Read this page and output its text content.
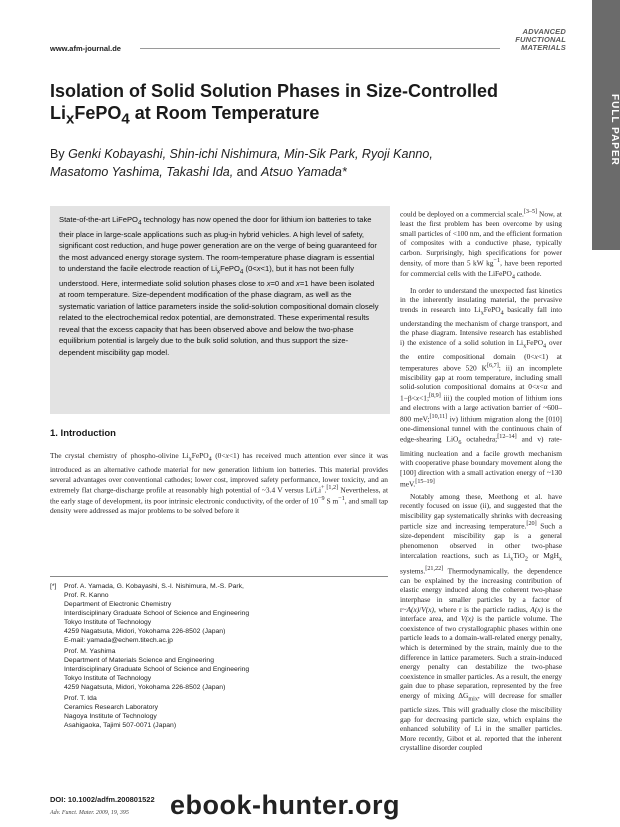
www.afm-journal.de
ADVANCED FUNCTIONAL MATERIALS
FULL PAPER
Isolation of Solid Solution Phases in Size-Controlled
$Li_xFePO_4$ at Room Temperature
By Genki Kobayashi, Shin-ichi Nishimura, Min-Sik Park, Ryoji Kanno,
Masatomo Yashima, Takashi Ida, and Atsuo Yamada*
State-of-the-art LiFePO$_4$ technology has now opened the door for lithium ion batteries to take their place in large-scale applications such as plug-in hybrid vehicles. A high level of safety, significant cost reduction, and huge power generation are on the verge of being guaranteed for the most advanced energy storage system. The room-temperature phase diagram is essential to understand the facile electrode reaction of $Li_xFePO_4$ (0<x<1), but it has not been fully understood. Here, intermediate solid solution phases close to x=0 and x=1 have been isolated at room temperature. Size-dependent modification of the phase diagram, as well as the systematic variation of lattice parameters inside the solid-solution compositional domain closely related to the electrochemical redox potential, are demonstrated. These experimental results reveal that the excess capacity that has been observed above and below the two-phase equilibrium potential is largely due to the bulk solid solution, and thus support the size-dependent miscibility gap model.
1. Introduction

The crystal chemistry of phospho-olivine $Li_xFePO_4$ (0<x<1) has received much attention ever since it was introduced as an alternative cathode material for new generation lithium ion batteries. This material provides several advantages over conventional cathodes; lower cost, improved safety performance, lower toxicity, and an extremely flat charge-discharge profile at reasonably high potential of ~3.4 V versus Li/Li+.[1,2] Nevertheless, at the early stage of development, its poor intrinsic electronic conductivity, of the order of $10^{-9}$ S $m^{-1}$, and small tap density were addressed as major problems to be solved before it

[*] Prof. A. Yamada, G. Kobayashi, S.-I. Nishimura, M.-S. Park,
Prof. R. Kanno
Department of Electronic Chemistry
Interdisciplinary Graduate School of Science and Engineering
Tokyo Institute of Technology
4259 Nagatsuta, Midori, Yokohama 226-8502 (Japan)
E-mail: yamada@echem.titech.ac.jp
Prof. M. Yashima
Department of Materials Science and Engineering
Interdisciplinary Graduate School of Science and Engineering
Tokyo Institute of Technology
4259 Nagatsuta, Midori, Yokohama 226-8502 (Japan)
Prof. T. Ida
Ceramics Research Laboratory
Nagoya Institute of Technology
Asahigaoka, Tajimi 507-0071 (Japan)

could be deployed on a commercial scale.[3–5] Now, at least the first problem has been overcome by using small particles of <100 nm, and the efficient formation of composites with a conductive phase, typically carbon. Surprisingly, high specifications for power density, of more than 5 kW $kg^{-1}$, have been reported for commercial cells with the LiFePO$_4$ cathode.

In order to understand the unexpected fast kinetics in the inherently insulating material, the pervasive trends in research into $Li_xFePO_4$ basically fall into understanding the mechanism of charge transport, and the phase diagram. Intensive research has established i) the existence of a solid solution in $Li_xFePO_4$ over the entire compositional domain (0<x<1) at temperatures above 520 K[6,7]; ii) an incomplete miscibility gap at room temperature, including small solid-solution compositional domains at 0<x<α and 1−β<x<1;[8,9] iii) the coupled motion of lithium ions and electrons with a large activation barrier of ~600–800 meV;[10,11] iv) lithium migration along the [010] one-dimensional tunnel with the continuous chain of edge-shearing LiO$_6$ octahedra;[12–14] and v) rate-limiting nucleation and a facile growth mechanism with cooperative phase boundary movement along the [100] direction with a small activation energy of ~130 meV.[15–19]

Notably among these, Meethong et al. have recently focused on issue (ii), and suggested that the miscibility gap systematically shrinks with decreasing particle size and increasing temperature.[20] Such a size-dependent miscibility gap is a general phenomenon observed in other two-phase intercalation reactions, such as $Li_xTiO_2$ or MgH$_x$ systems.[21,22] Thermodynamically, the dependence can be explained by the increasing contribution of elastic energy induced along the coherent two-phase interphase in smaller particles by a factor of r~A(x)/V(x), where r is the particle radius, A(x) is the interface area, and V(x) is the particle volume. The coexistence of two crystallographic phases within one particle leads to a domain-wall-related energy penalty, which is determined by the strain, mainly due to the difference in lattice parameters. Such a strain-induced energy penalty can destabilize the two-phase coexistence in smaller particles. As a result, the energy gain due to phase separation, represented by the free energy of mixing $\Delta G_{mix}$, will decrease for smaller particle sizes. This will gradually close the miscibility gap for decreasing particle size, which explains the enhanced solubility of Li in the smaller particles. More recently, Gibot et al. reported that the inherent crystalline disorder coupled

DOI: 10.1002/adfm.200801522
Adv. Funct. Mater. 2009, 19, 395 ebook-hunter.org
